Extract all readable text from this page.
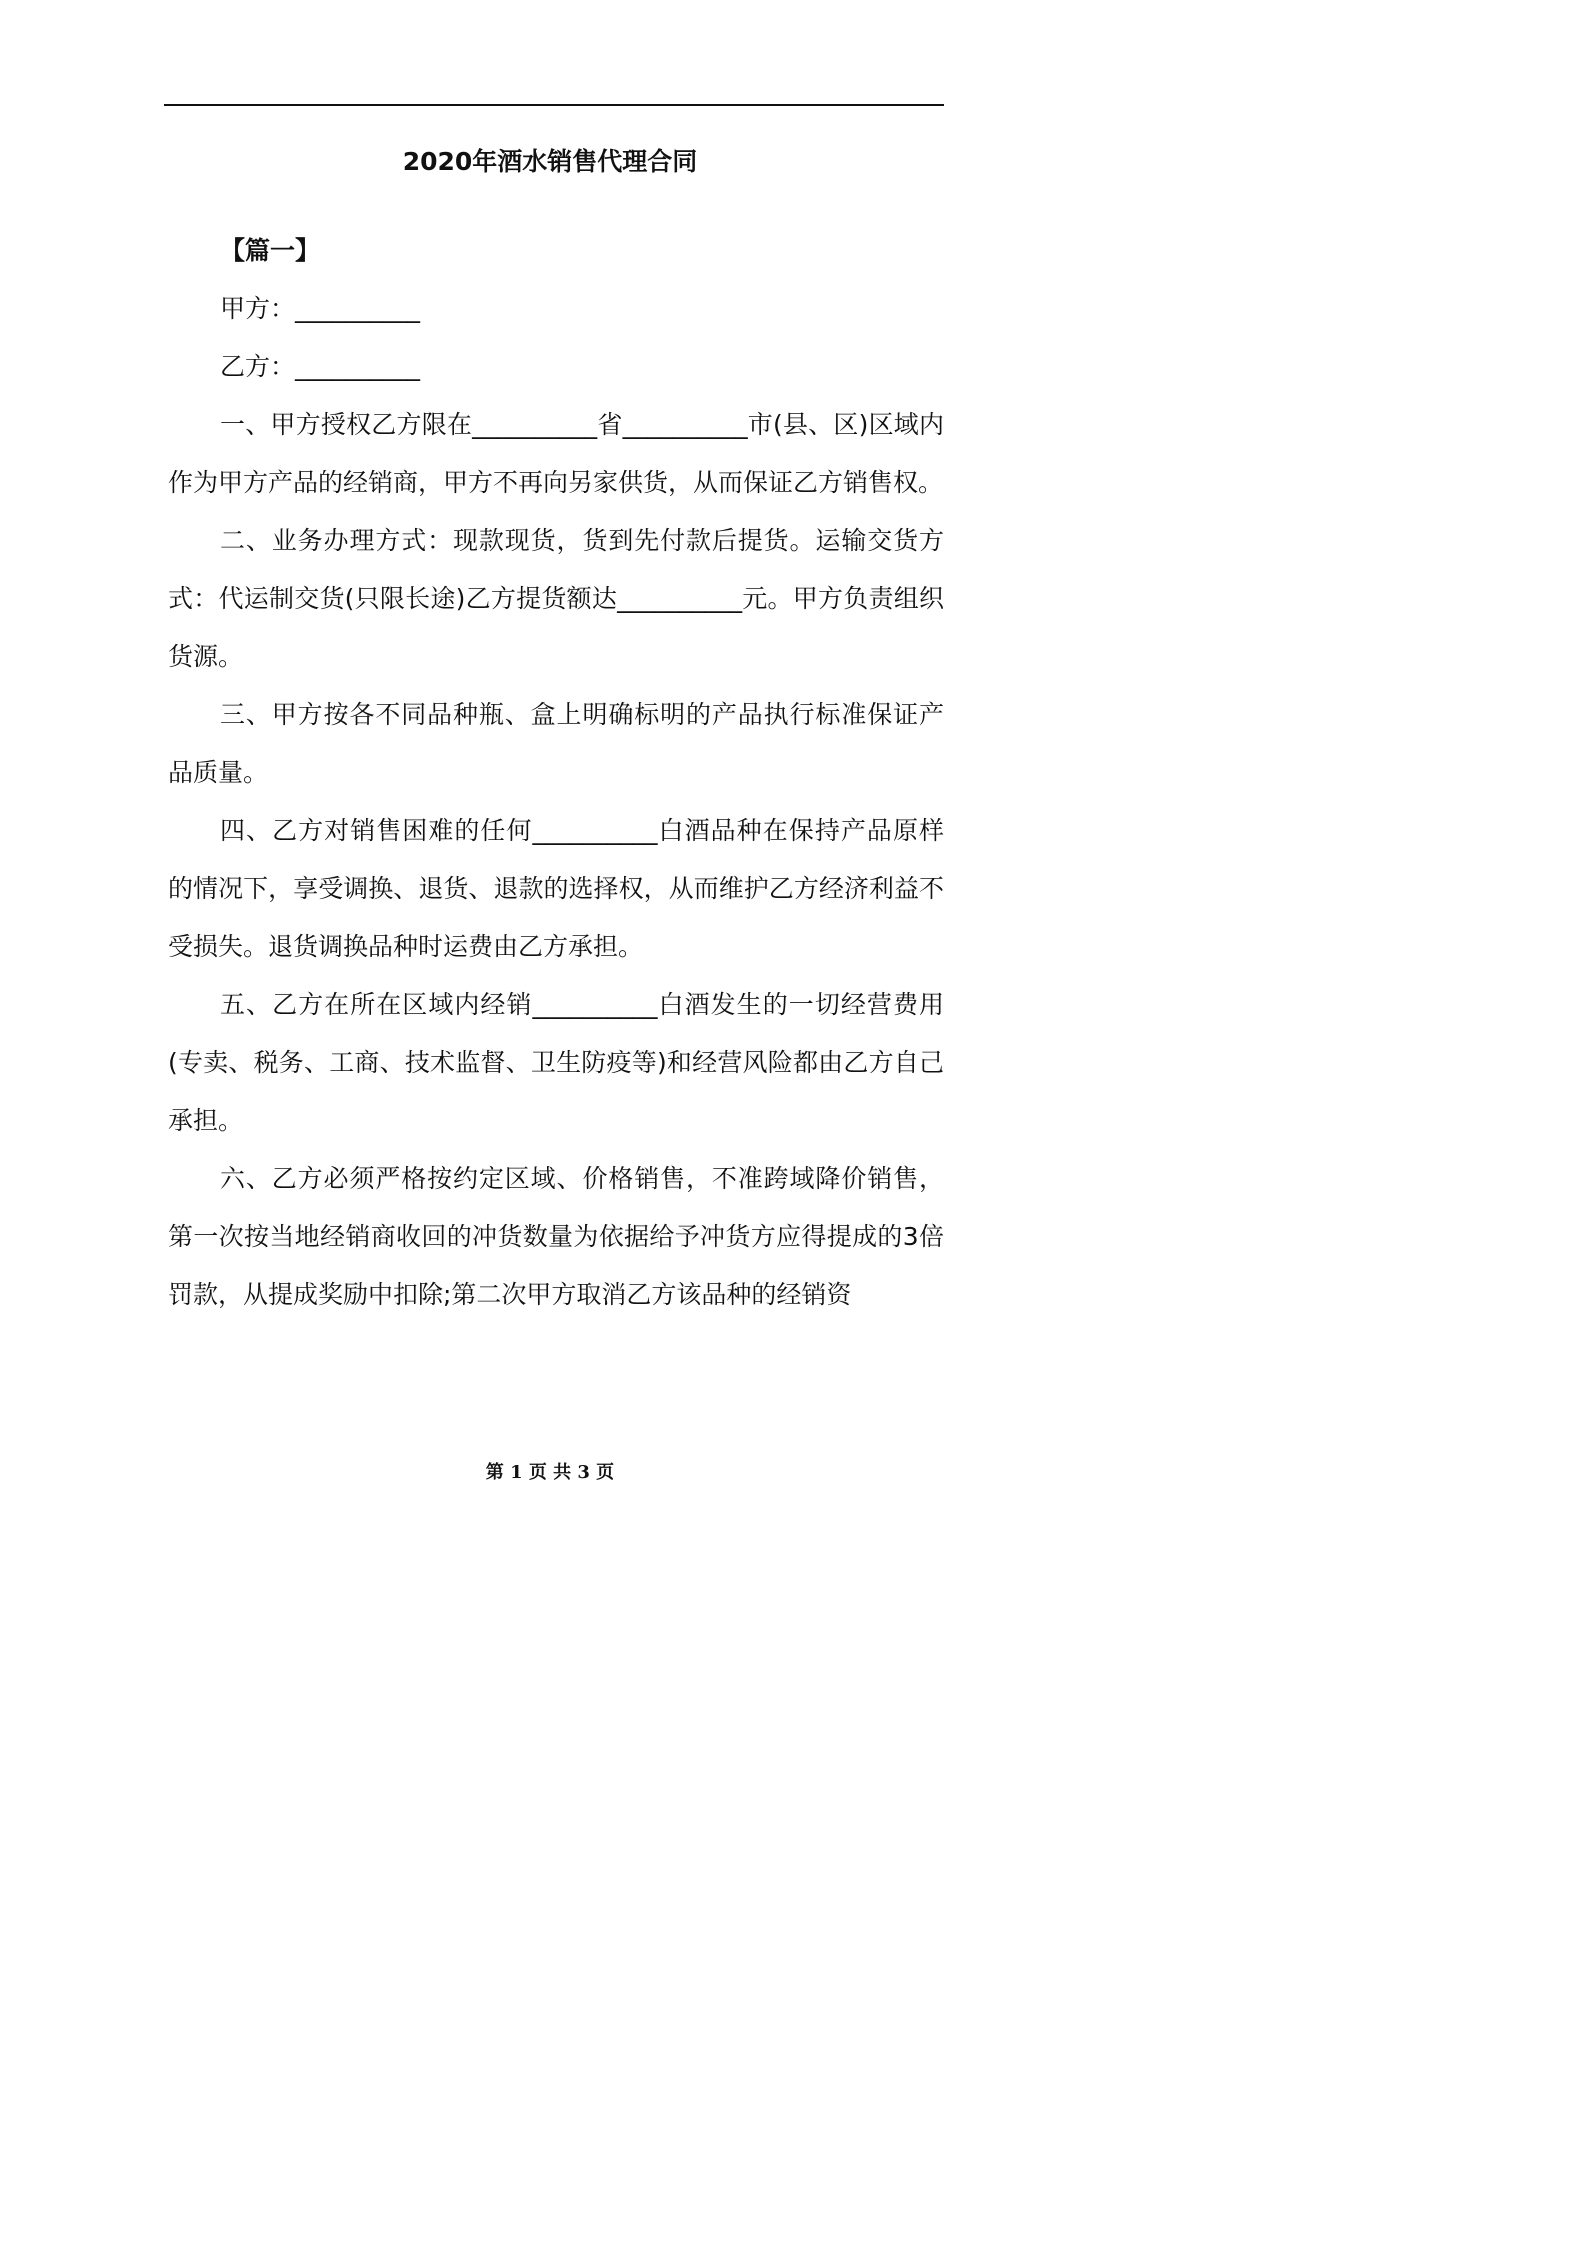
2020年酒水销售代理合同

【篇一】

甲方：__________

乙方：__________

一、甲方授权乙方限在__________省__________市(县、区)区域内作为甲方产品的经销商，甲方不再向另家供货，从而保证乙方销售权。

二、业务办理方式：现款现货，货到先付款后提货。运输交货方式：代运制交货(只限长途)乙方提货额达__________元。甲方负责组织货源。

三、甲方按各不同品种瓶、盒上明确标明的产品执行标准保证产品质量。

四、乙方对销售困难的任何__________白酒品种在保持产品原样的情况下，享受调换、退货、退款的选择权，从而维护乙方经济利益不受损失。退货调换品种时运费由乙方承担。

五、乙方在所在区域内经销__________白酒发生的一切经营费用(专卖、税务、工商、技术监督、卫生防疫等)和经营风险都由乙方自己承担。

六、乙方必须严格按约定区域、价格销售，不准跨域降价销售，第一次按当地经销商收回的冲货数量为依据给予冲货方应得提成的3倍罚款，从提成奖励中扣除;第二次甲方取消乙方该品种的经销资

第 1 页 共 3 页
